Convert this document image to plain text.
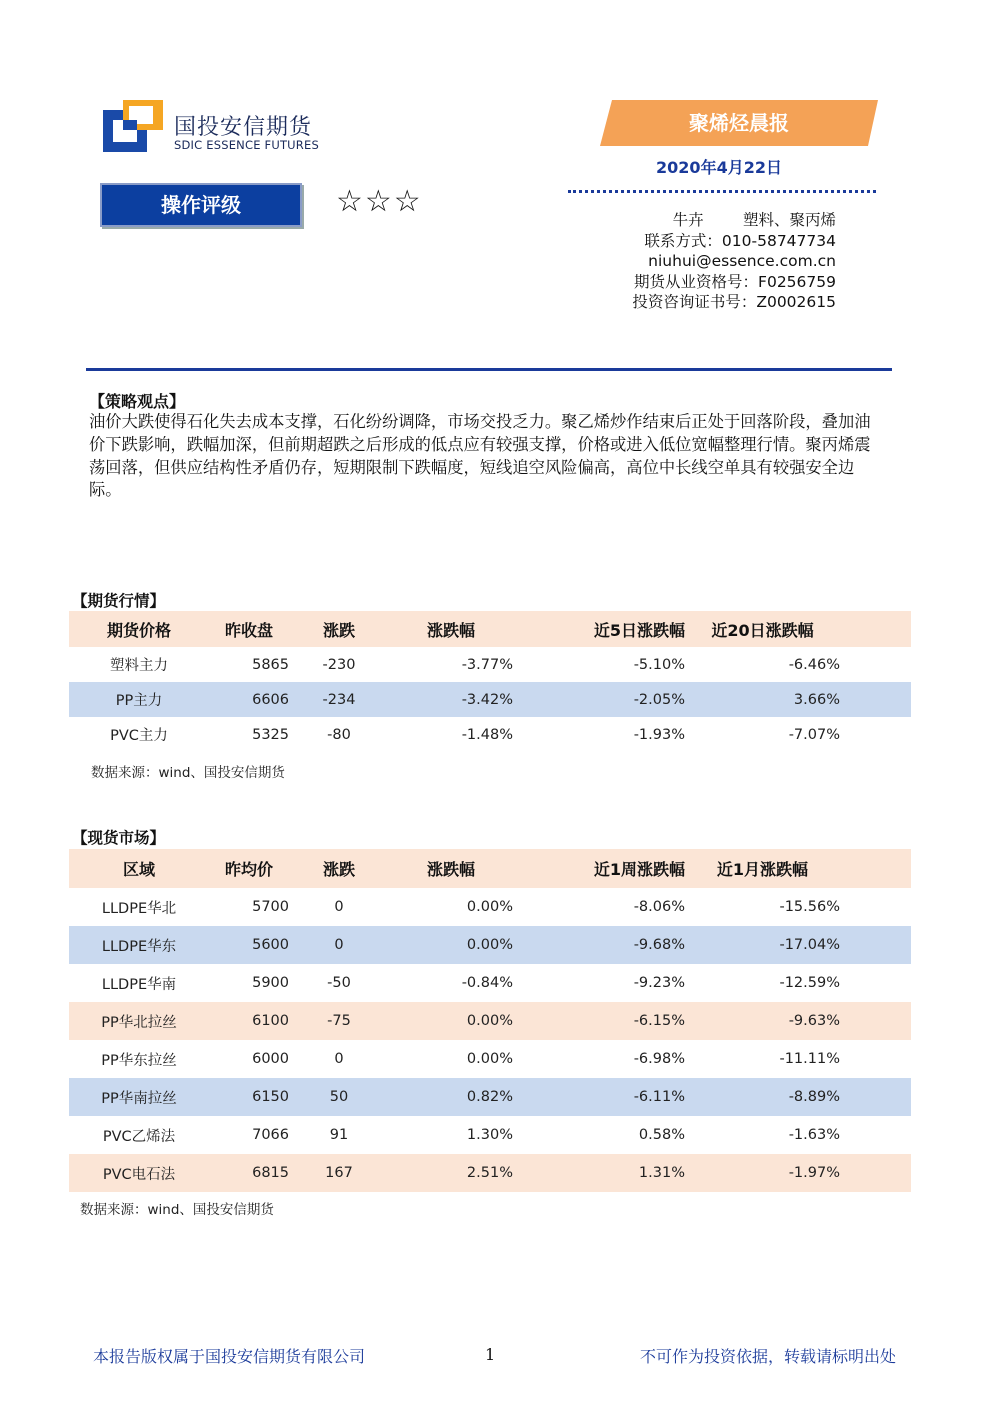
国投安信期货
SDIC ESSENCE FUTURES
聚烯烃晨报
2020年4月22日
操作评级	☆☆☆
牛卉        塑料、聚丙烯
联系方式：010-58747734
niuhui@essence.com.cn
期货从业资格号：F0256759
投资咨询证书号：Z0002615
【策略观点】
油价大跌使得石化失去成本支撑，石化纷纷调降，市场交投乏力。聚乙烯炒作结束后正处于回落阶段，叠加油价下跌影响，跌幅加深，但前期超跌之后形成的低点应有较强支撑，价格或进入低位宽幅整理行情。聚丙烯震荡回落，但供应结构性矛盾仍存，短期限制下跌幅度，短线追空风险偏高，高位中长线空单具有较强安全边际。
【期货行情】
期货价格	昨收盘	涨跌	涨跌幅	近5日涨跌幅	近20日涨跌幅	
塑料主力	5865	-230	-3.77%	-5.10%	-6.46%	
PP主力	6606	-234	-3.42%	-2.05%	3.66%	
PVC主力	5325	-80	-1.48%	-1.93%	-7.07%	
数据来源：wind、国投安信期货
【现货市场】
区域	昨均价	涨跌	涨跌幅	近1周涨跌幅	近1月涨跌幅	
LLDPE华北	5700	0	0.00%	-8.06%	-15.56%	
LLDPE华东	5600	0	0.00%	-9.68%	-17.04%	
LLDPE华南	5900	-50	-0.84%	-9.23%	-12.59%	
PP华北拉丝	6100	-75	0.00%	-6.15%	-9.63%	
PP华东拉丝	6000	0	0.00%	-6.98%	-11.11%	
PP华南拉丝	6150	50	0.82%	-6.11%	-8.89%	
PVC乙烯法	7066	91	1.30%	0.58%	-1.63%	
PVC电石法	6815	167	2.51%	1.31%	-1.97%	
数据来源：wind、国投安信期货
本报告版权属于国投安信期货有限公司	1	不可作为投资依据，转载请标明出处
